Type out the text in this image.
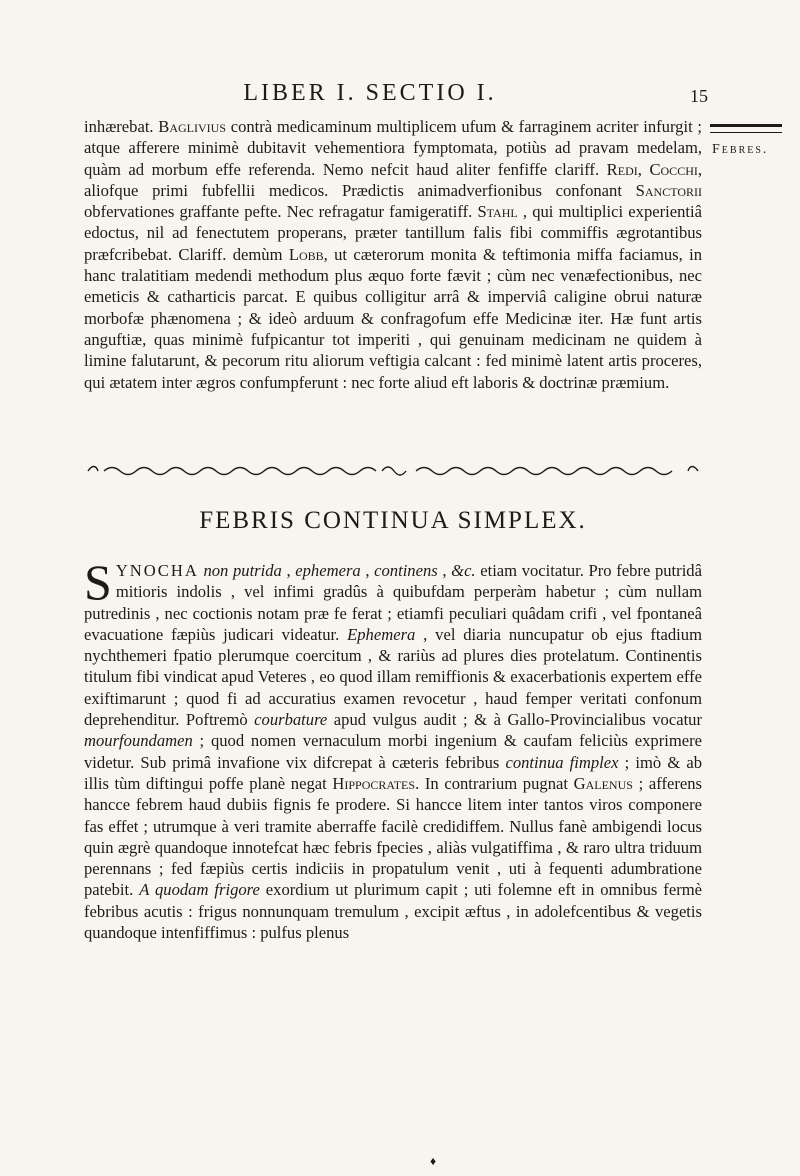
LIBER I. SECTIO I.	15
Febres.
inhærebat. Baglivius contrà medicaminum multiplicem ufum & farraginem acriter infurgit ; atque afferere minimè dubitavit vehementiora fymptomata, potiùs ad pravam medelam, quàm ad morbum effe referenda. Nemo nefcit haud aliter fenfiffe clariff. Redi, Cocchi, aliofque primi fubfellii medicos. Prædictis animadverfionibus confonant Sanctorii obfervationes graffante pefte. Nec refragatur famigeratiff. Stahl , qui multiplici experientiâ edoctus, nil ad fenectutem properans, præter tantillum falis fibi commiffis ægrotantibus præfcribebat. Clariff. demùm Lobb, ut cæterorum monita & teftimonia miffa faciamus, in hanc tralatitiam medendi methodum plus æquo forte fævit ; cùm nec venæfectionibus, nec emeticis & catharticis parcat. E quibus colligitur arrâ & imperviâ caligine obrui naturæ morbofæ phænomena ; & ideò arduum & confragofum effe Medicinæ iter. Hæ funt artis anguftiæ, quas minimè fufpicantur tot imperiti , qui genuinam medicinam ne quidem à limine falutarunt, & pecorum ritu aliorum veftigia calcant : fed minimè latent artis proceres, qui ætatem inter ægros confumpferunt : nec forte aliud eft laboris & doctrinæ præmium.
FEBRIS CONTINUA SIMPLEX.
SYNOCHA non putrida , ephemera , continens , &c. etiam vocitatur. Pro febre putridâ mitioris indolis , vel infimi gradûs à quibufdam perperàm habetur ; cùm nullam putredinis , nec coctionis notam præ fe ferat ; etiamfi peculiari quâdam crifi , vel fpontaneâ evacuatione fæpiùs judicari videatur. Ephemera , vel diaria nuncupatur ob ejus ftadium nychthemeri fpatio plerumque coercitum , & rariùs ad plures dies protelatum. Continentis titulum fibi vindicat apud Veteres , eo quod illam remiffionis & exacerbationis expertem effe exiftimarunt ; quod fi ad accuratius examen revocetur , haud femper veritati confonum deprehenditur. Poftremò courbature apud vulgus audit ; & à Gallo-Provincialibus vocatur mourfoundamen ; quod nomen vernaculum morbi ingenium & caufam feliciùs exprimere videtur. Sub primâ invafione vix difcrepat à cæteris febribus continua fimplex ; imò & ab illis tùm diftingui poffe planè negat Hippocrates. In contrarium pugnat Galenus ; afferens hancce febrem haud dubiis fignis fe prodere. Si hancce litem inter tantos viros componere fas effet ; utrumque à veri tramite aberraffe facilè credidiffem. Nullus fanè ambigendi locus quin ægrè quandoque innotefcat hæc febris fpecies , aliàs vulgatiffima , & raro ultra triduum perennans ; fed fæpiùs certis indiciis in propatulum venit , uti à fequenti adumbratione patebit. A quodam frigore exordium ut plurimum capit ; uti folemne eft in omnibus fermè febribus acutis : frigus nonnunquam tremulum , excipit æftus , in adolefcentibus & vegetis quandoque intenfiffimus : pulfus plenus
♦
